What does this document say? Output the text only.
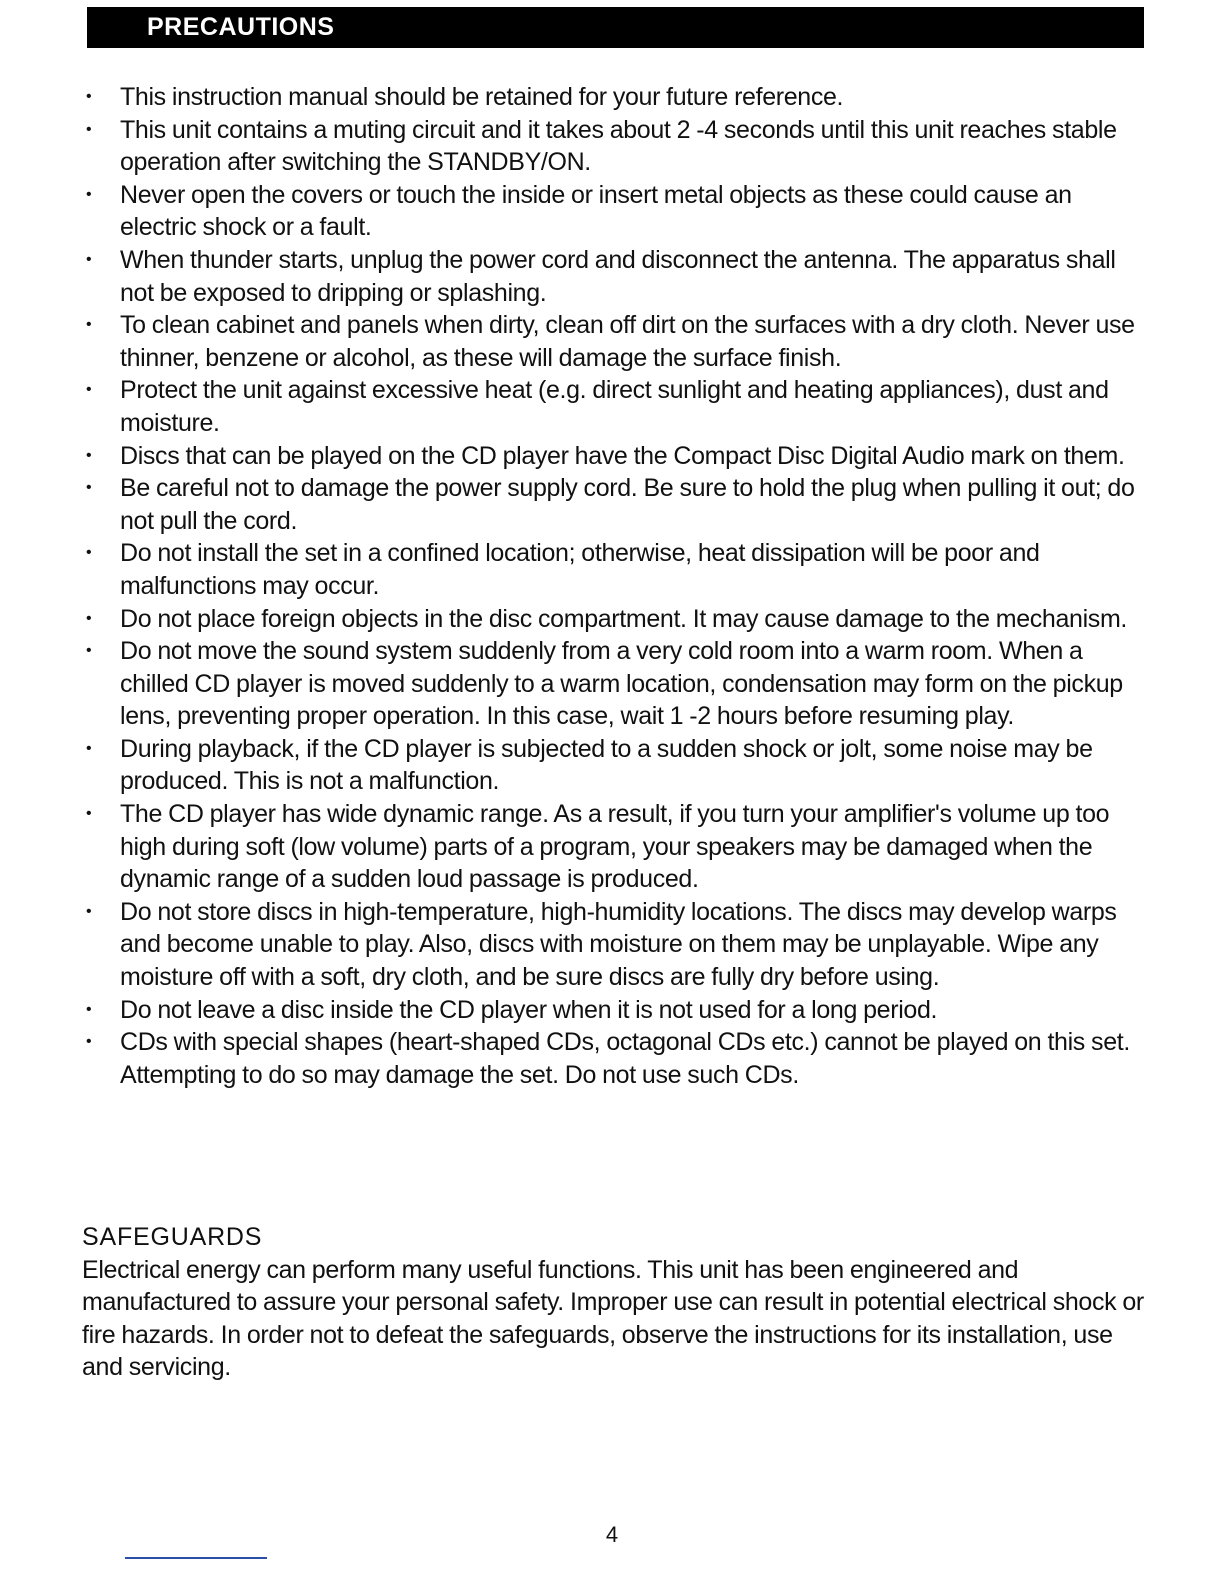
PRECAUTIONS
• This instruction manual should be retained for your future reference.
• This unit contains a muting circuit and it takes about 2 -4 seconds until this unit reaches stable operation after switching the STANDBY/ON.
• Never open the covers or touch the inside or insert metal objects as these could cause an electric shock or a fault.
• When thunder starts, unplug the power cord and disconnect the antenna. The apparatus shall not be exposed to dripping or splashing.
• To clean cabinet and panels when dirty, clean off dirt on the surfaces with a dry cloth. Never use thinner, benzene or alcohol, as these will damage the surface finish.
• Protect the unit against excessive heat (e.g. direct sunlight and heating appliances), dust and moisture.
• Discs that can be played on the CD player have the Compact Disc Digital Audio mark on them.
• Be careful not to damage the power supply cord. Be sure to hold the plug when pulling it out; do not pull the cord.
• Do not install the set in a confined location; otherwise, heat dissipation will be poor and malfunctions may occur.
• Do not place foreign objects in the disc compartment. It may cause damage to the mechanism.
• Do not move the sound system suddenly from a very cold room into a warm room. When a chilled CD player is moved suddenly to a warm location, condensation may form on the pickup lens, preventing proper operation. In this case, wait 1 -2 hours before resuming play.
• During playback, if the CD player is subjected to a sudden shock or jolt, some noise may be produced. This is not a malfunction.
• The CD player has wide dynamic range. As a result, if you turn your amplifier's volume up too high during soft (low volume) parts of a program, your speakers may be damaged when the dynamic range of a sudden loud passage is produced.
• Do not store discs in high-temperature, high-humidity locations. The discs may develop warps and become unable to play. Also, discs with moisture on them may be unplayable. Wipe any moisture off with a soft, dry cloth, and be sure discs are fully dry before using.
• Do not leave a disc inside the CD player when it is not used for a long period.
• CDs with special shapes (heart-shaped CDs, octagonal CDs etc.) cannot be played on this set. Attempting to do so may damage the set. Do not use such CDs.
SAFEGUARDS
Electrical energy can perform many useful functions. This unit has been engineered and manufactured to assure your personal safety. Improper use can result in potential electrical shock or fire hazards. In order not to defeat the safeguards, observe the instructions for its installation, use and servicing.
4
